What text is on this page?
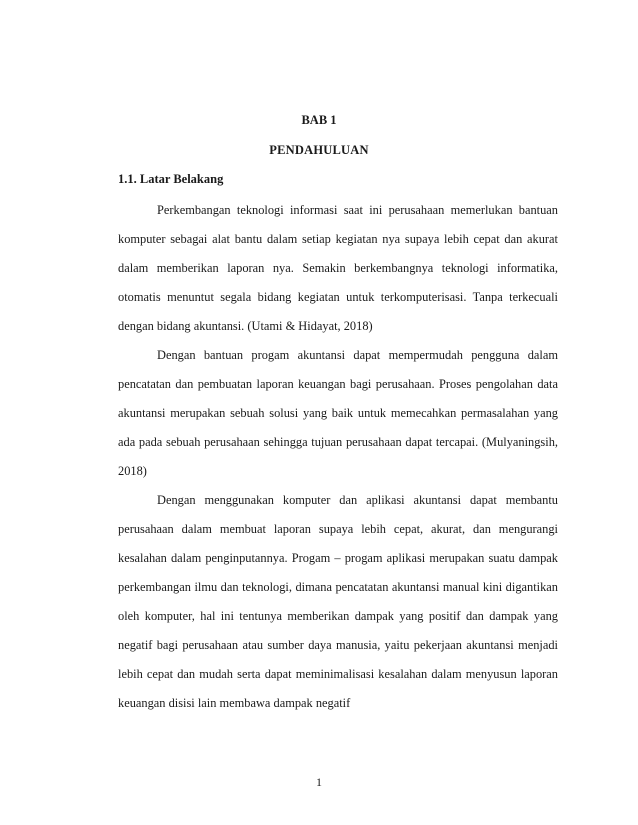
BAB 1
PENDAHULUAN
1.1. Latar Belakang

Perkembangan teknologi informasi saat ini perusahaan memerlukan bantuan komputer sebagai alat bantu dalam setiap kegiatan nya supaya lebih cepat dan akurat dalam memberikan laporan nya. Semakin berkembangnya teknologi informatika, otomatis menuntut segala bidang kegiatan untuk terkomputerisasi. Tanpa terkecuali dengan bidang akuntansi. (Utami & Hidayat, 2018)

Dengan bantuan progam akuntansi dapat mempermudah pengguna dalam pencatatan dan pembuatan laporan keuangan bagi perusahaan. Proses pengolahan data akuntansi merupakan sebuah solusi yang baik untuk memecahkan permasalahan yang ada pada sebuah perusahaan sehingga tujuan perusahaan dapat tercapai. (Mulyaningsih, 2018)

Dengan menggunakan komputer dan aplikasi akuntansi dapat membantu perusahaan dalam membuat laporan supaya lebih cepat, akurat, dan mengurangi kesalahan dalam penginputannya. Progam – progam aplikasi merupakan suatu dampak perkembangan ilmu dan teknologi, dimana pencatatan akuntansi manual kini digantikan oleh komputer, hal ini tentunya memberikan dampak yang positif dan dampak yang negatif bagi perusahaan atau sumber daya manusia, yaitu pekerjaan akuntansi menjadi lebih cepat dan mudah serta dapat meminimalisasi kesalahan dalam menyusun laporan keuangan disisi lain membawa dampak negatif

1
